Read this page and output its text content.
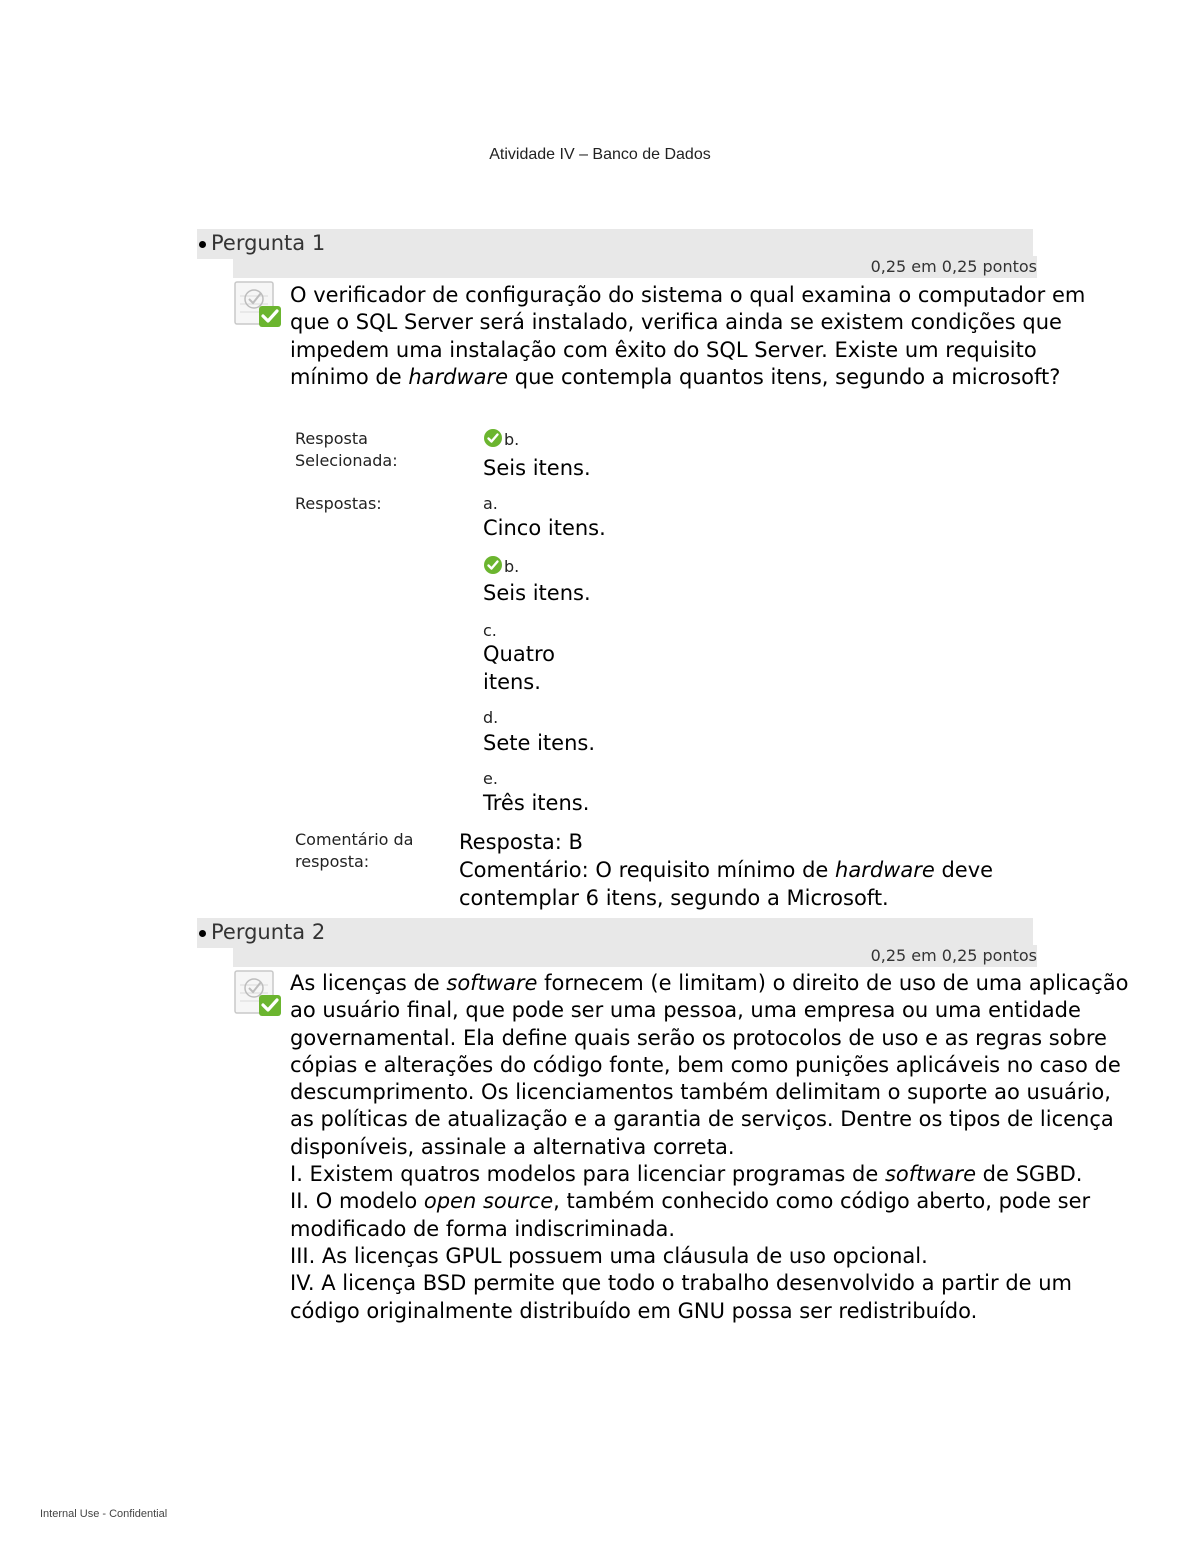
Atividade IV – Banco de Dados
Pergunta 1
0,25 em 0,25 pontos
O verificador de configuração do sistema o qual examina o computador em que o SQL Server será instalado, verifica ainda se existem condições que impedem uma instalação com êxito do SQL Server. Existe um requisito mínimo de hardware que contempla quantos itens, segundo a microsoft?
Resposta Selecionada:
b.
Seis itens.
Respostas:	a.
Cinco itens.
b.
Seis itens.
c.
Quatro itens.
d.
Sete itens.
e.
Três itens.
Comentário da resposta:
Resposta: B
Comentário: O requisito mínimo de hardware deve contemplar 6 itens, segundo a Microsoft.
Pergunta 2
0,25 em 0,25 pontos
As licenças de software fornecem (e limitam) o direito de uso de uma aplicação ao usuário final, que pode ser uma pessoa, uma empresa ou uma entidade governamental. Ela define quais serão os protocolos de uso e as regras sobre cópias e alterações do código fonte, bem como punições aplicáveis no caso de descumprimento. Os licenciamentos também delimitam o suporte ao usuário, as políticas de atualização e a garantia de serviços. Dentre os tipos de licença disponíveis, assinale a alternativa correta.
I. Existem quatros modelos para licenciar programas de software de SGBD.
II. O modelo open source, também conhecido como código aberto, pode ser modificado de forma indiscriminada.
III. As licenças GPUL possuem uma cláusula de uso opcional.
IV. A licença BSD permite que todo o trabalho desenvolvido a partir de um código originalmente distribuído em GNU possa ser redistribuído.
Internal Use - Confidential
